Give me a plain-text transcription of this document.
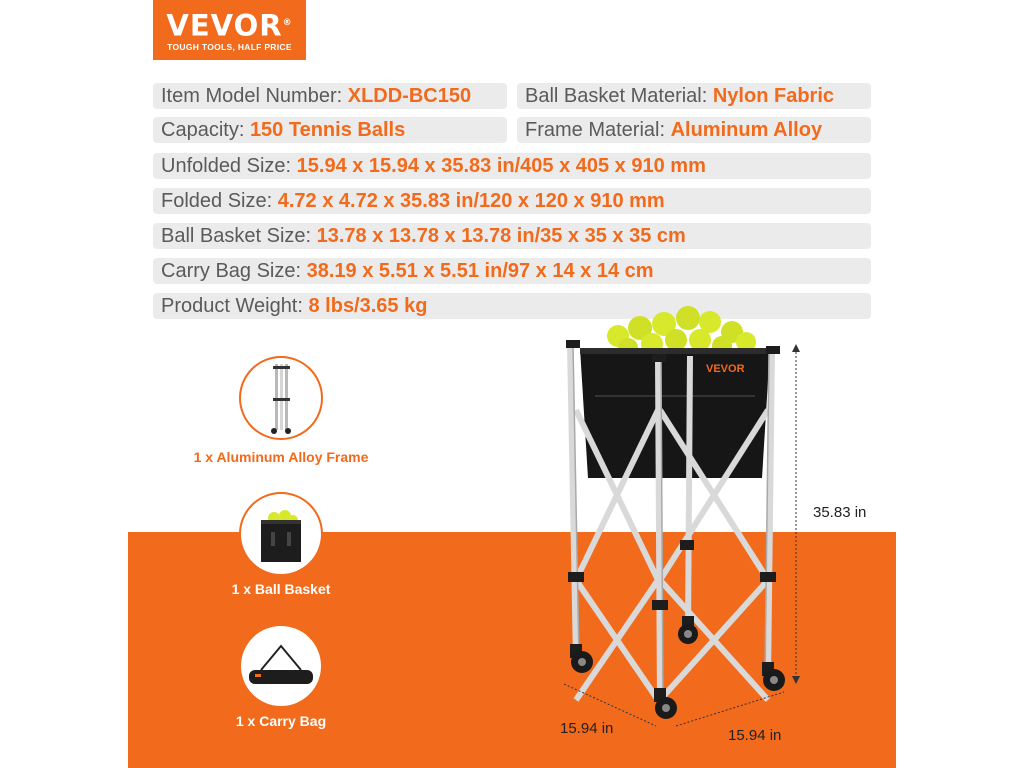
VEVOR®
TOUGH TOOLS, HALF PRICE
Item Model Number: XLDD-BC150	Ball Basket Material: Nylon Fabric
Capacity: 150 Tennis Balls	Frame Material: Aluminum Alloy
Unfolded Size: 15.94 x 15.94 x 35.83 in/405 x 405 x 910 mm
Folded Size: 4.72 x 4.72 x 35.83 in/120 x 120 x 910 mm
Ball Basket Size: 13.78 x 13.78 x 13.78 in/35 x 35 x 35 cm
Carry Bag Size: 38.19 x 5.51 x 5.51 in/97 x 14 x 14 cm
Product Weight: 8 lbs/3.65 kg
1 x Aluminum Alloy Frame
1 x Ball Basket
1 x Carry Bag
VEVOR
35.83 in
15.94 in	15.94 in
